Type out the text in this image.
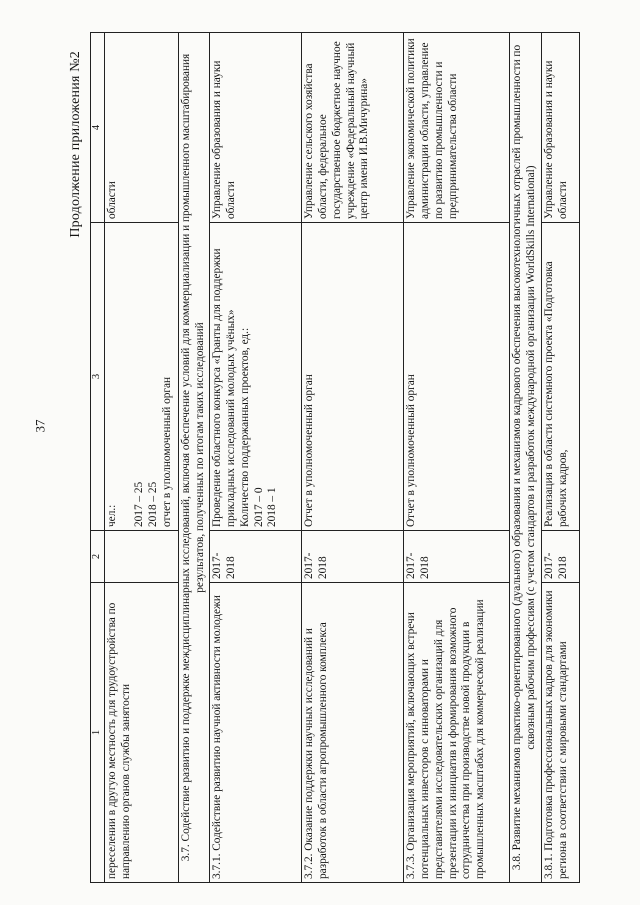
37
Продолжение приложения №2
1	2	3	4
переселении в другую местность для трудоустройства по направлению органов службы занятости		чел.:

2017 – 25
2018 – 25
отчет в уполномоченный орган	области
3.7. Содействие развитию и поддержке междисциплинарных исследований, включая обеспечение условий для коммерциализации и промышленного масштабирования результатов, полученных по итогам таких исследований			
3.7.1. Содействие развитию научной активности молодежи	2017-2018	Проведение областного конкурса «Гранты для поддержки прикладных исследований молодых учёных»
Количество поддержанных проектов, ед.:
2017 – 0
2018 – 1	Управление образования и науки области
3.7.2. Оказание поддержки научных исследований и разработок в области агропромышленного комплекса	2017-2018	Отчет в уполномоченный орган	Управление сельского хозяйства области, федеральное государственное бюджетное научное учреждение «Федеральный научный центр имени И.В.Мичурина»
3.7.3. Организация мероприятий, включающих встречи потенциальных инвесторов с инноваторами и представителями исследовательских организаций для презентации их инициатив и формирования возможного сотрудничества при производстве новой продукции в промышленных масштабах для коммерческой реализации	2017-2018	Отчет в уполномоченный орган	Управление экономической политики администрации области, управление по развитию промышленности и предпринимательства области
3.8. Развитие механизмов практико-ориентированного (дуального) образования и механизмов кадрового обеспечения высокотехнологичных отраслей промышленности по сквозным рабочим профессиям (с учетом стандартов и разработок международной организации WorldSkills International)			
3.8.1. Подготовка профессиональных кадров для экономики региона в соответствии с мировыми стандартами	2017-2018	Реализация в области системного проекта «Подготовка рабочих кадров,	Управление образования и науки области
